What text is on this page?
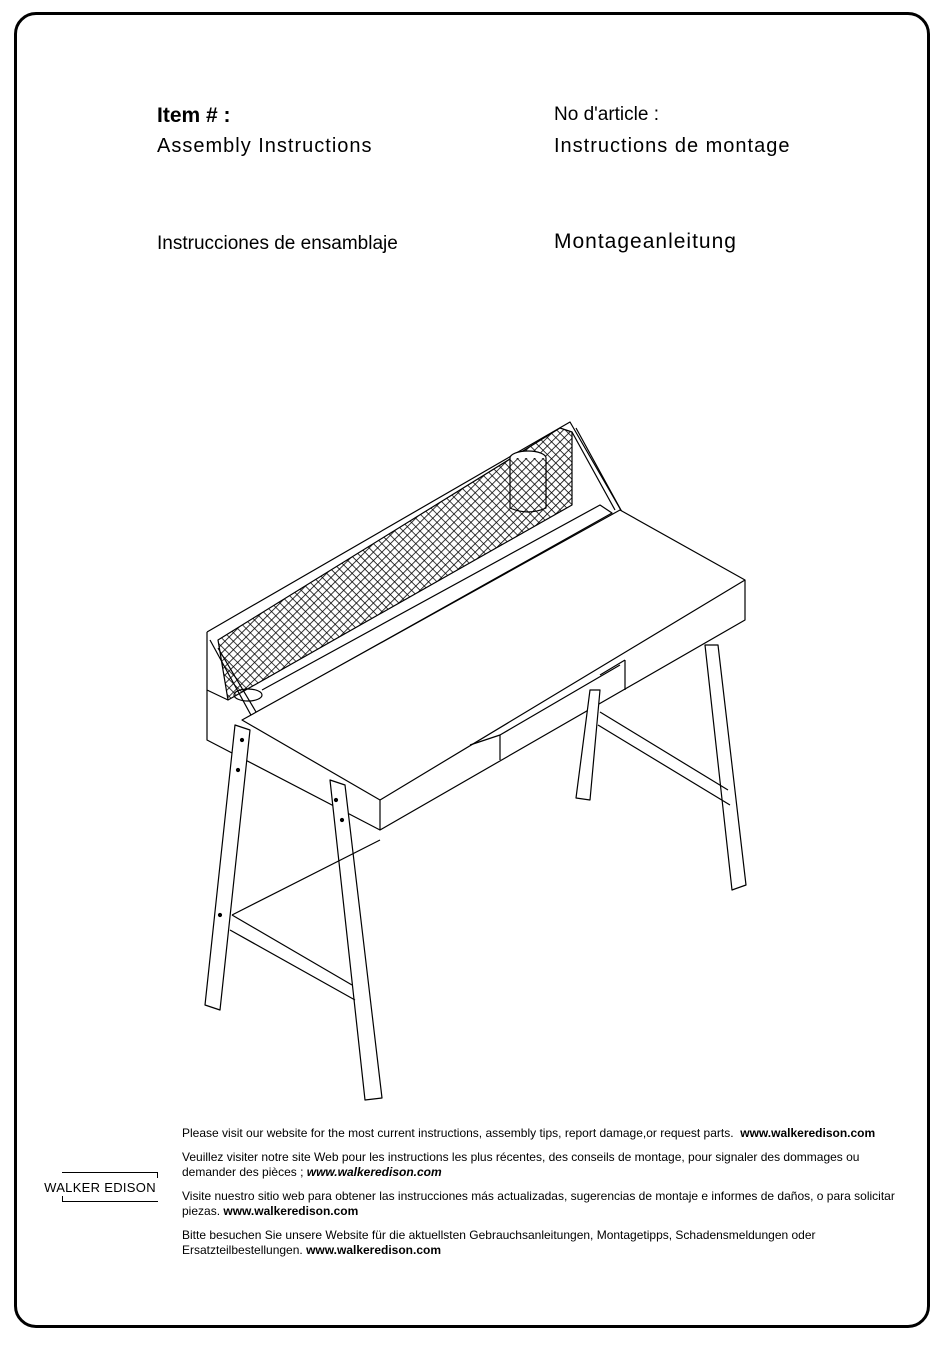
Item # :	No d'article :
Assembly Instructions	Instructions de montage
Instrucciones de ensamblaje	Montageanleitung

Please visit our website for the most current instructions, assembly tips, report damage,or request parts. www.walkeredison.com

Veuillez visiter notre site Web pour les instructions les plus récentes, des conseils de montage, pour signaler des dommages ou demander des pièces ; www.walkeredison.com

Visite nuestro sitio web para obtener las instrucciones más actualizadas, sugerencias de montaje e informes de daños, o para solicitar piezas. www.walkeredison.com

Bitte besuchen Sie unsere Website für die aktuellsten Gebrauchsanleitungen, Montagetipps, Schadensmeldungen oder Ersatzteilbestellungen. www.walkeredison.com

WALKER EDISON
